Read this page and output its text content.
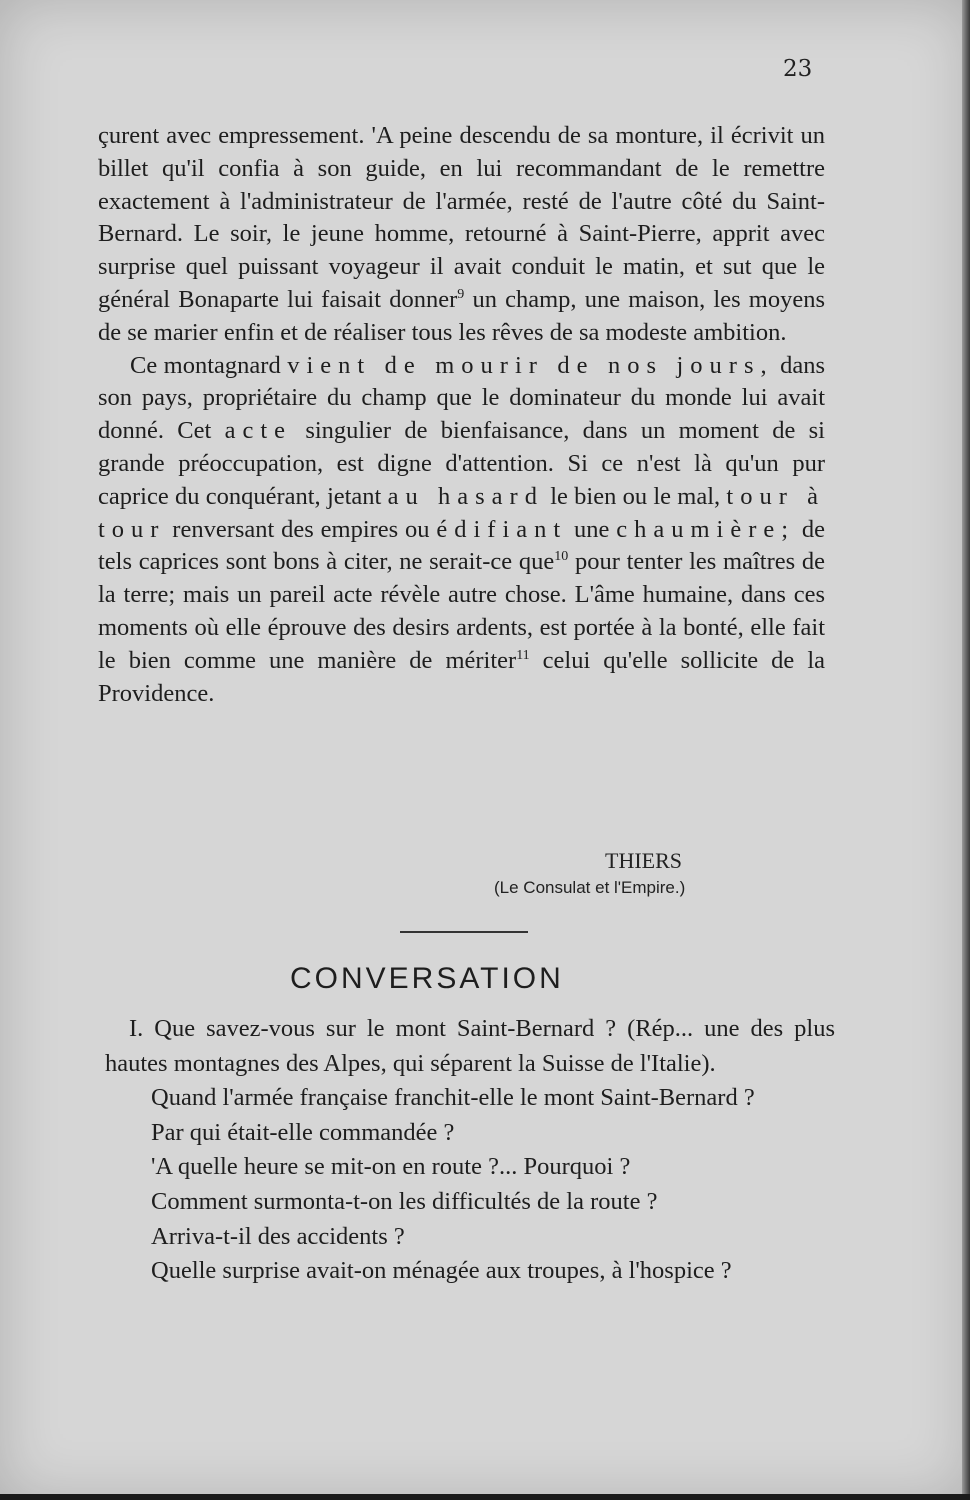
23

çurent avec empressement. 'A peine descendu de sa monture, il écrivit un billet qu'il confia à son guide, en lui recommandant de le remettre exactement à l'administrateur de l'armée, resté de l'autre côté du Saint-Bernard. Le soir, le jeune homme, retourné à Saint-Pierre, apprit avec surprise quel puissant voyageur il avait conduit le matin, et sut que le général Bonaparte lui faisait donner$^9$ un champ, une maison, les moyens de se marier enfin et de réaliser tous les rêves de sa modeste ambition.

Ce montagnard vient de mourir de nos jours, dans son pays, propriétaire du champ que le dominateur du monde lui avait donné. Cet acte singulier de bienfaisance, dans un moment de si grande préoccupation, est digne d'attention. Si ce n'est là qu'un pur caprice du conquérant, jetant au hasard le bien ou le mal, tour à tour renversant des empires ou édifiant une chaumière; de tels caprices sont bons à citer, ne serait-ce que$^{10}$ pour tenter les maîtres de la terre; mais un pareil acte révèle autre chose. L'âme humaine, dans ces moments où elle éprouve des desirs ardents, est portée à la bonté, elle fait le bien comme une manière de mériter$^{11}$ celui qu'elle sollicite de la Providence.

THIERS
(Le Consulat et l'Empire.)
CONVERSATION

I. Que savez-vous sur le mont Saint-Bernard ? (Rép... une des plus hautes montagnes des Alpes, qui séparent la Suisse de l'Italie).

Quand l'armée française franchit-elle le mont Saint-Bernard ?

Par qui était-elle commandée ?

'A quelle heure se mit-on en route ?... Pourquoi ?

Comment surmonta-t-on les difficultés de la route ?

Arriva-t-il des accidents ?

Quelle surprise avait-on ménagée aux troupes, à l'hospice ?
